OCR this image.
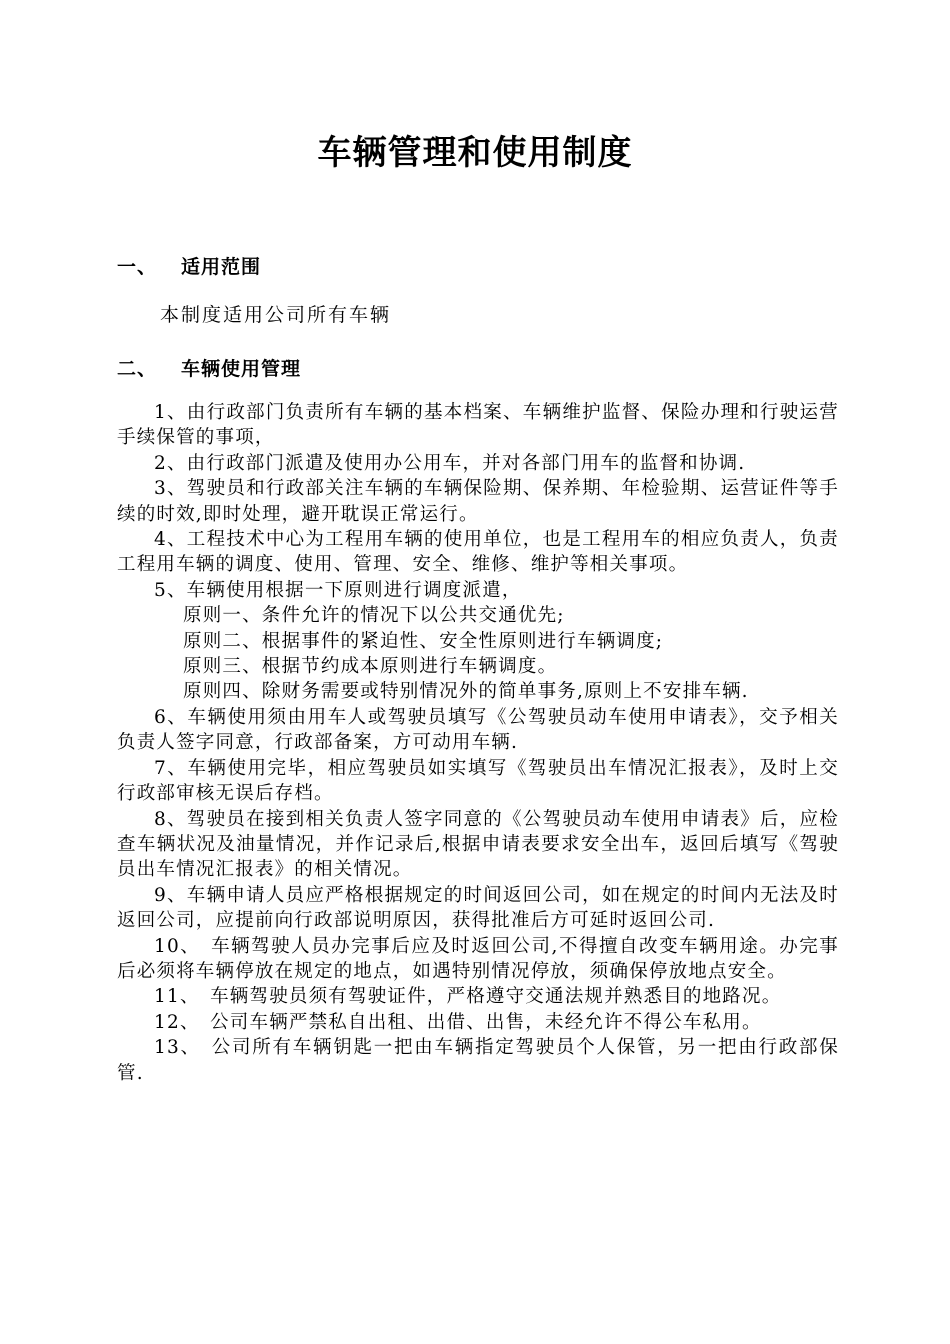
车辆管理和使用制度
一、 适用范围
本制度适用公司所有车辆
二、 车辆使用管理

1、由行政部门负责所有车辆的基本档案、车辆维护监督、保险办理和行驶运营手续保管的事项，

2、由行政部门派遣及使用办公用车，并对各部门用车的监督和协调.

3、驾驶员和行政部关注车辆的车辆保险期、保养期、年检验期、运营证件等手续的时效,即时处理，避开耽误正常运行。

4、工程技术中心为工程用车辆的使用单位，也是工程用车的相应负责人，负责工程用车辆的调度、使用、管理、安全、维修、维护等相关事项。

5、车辆使用根据一下原则进行调度派遣，

原则一、条件允许的情况下以公共交通优先;

原则二、根据事件的紧迫性、安全性原则进行车辆调度;

原则三、根据节约成本原则进行车辆调度。

原则四、除财务需要或特别情况外的简单事务,原则上不安排车辆.

6、车辆使用须由用车人或驾驶员填写《公驾驶员动车使用申请表》，交予相关负责人签字同意，行政部备案，方可动用车辆.

7、车辆使用完毕，相应驾驶员如实填写《驾驶员出车情况汇报表》，及时上交行政部审核无误后存档。

8、驾驶员在接到相关负责人签字同意的《公驾驶员动车使用申请表》后，应检查车辆状况及油量情况，并作记录后,根据申请表要求安全出车，返回后填写《驾驶员出车情况汇报表》的相关情况。

9、车辆申请人员应严格根据规定的时间返回公司，如在规定的时间内无法及时返回公司，应提前向行政部说明原因，获得批准后方可延时返回公司.

10、　车辆驾驶人员办完事后应及时返回公司,不得擅自改变车辆用途。办完事后必须将车辆停放在规定的地点，如遇特别情况停放，须确保停放地点安全。

11、　车辆驾驶员须有驾驶证件，严格遵守交通法规并熟悉目的地路况。

12、　公司车辆严禁私自出租、出借、出售，未经允许不得公车私用。

13、　公司所有车辆钥匙一把由车辆指定驾驶员个人保管，另一把由行政部保管.
